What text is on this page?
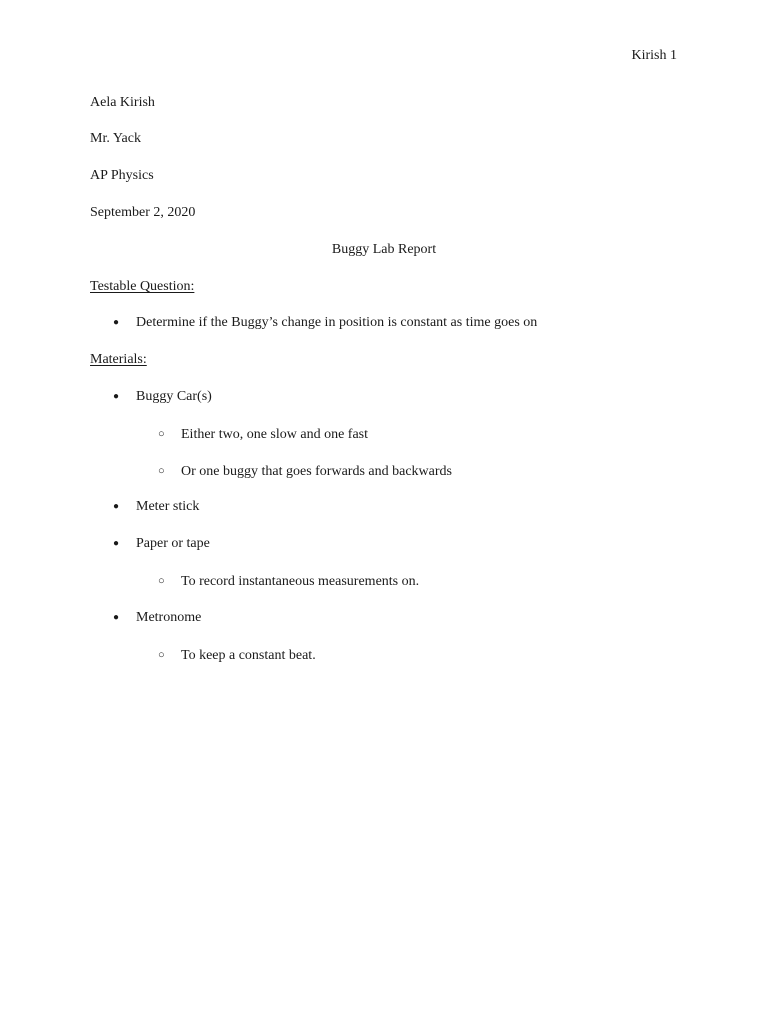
Kirish 1
Aela Kirish
Mr. Yack
AP Physics
September 2, 2020
Buggy Lab Report
Testable Question:
● Determine if the Buggy’s change in position is constant as time goes on
Materials:
● Buggy Car(s)
○ Either two, one slow and one fast
○ Or one buggy that goes forwards and backwards
● Meter stick
● Paper or tape
○ To record instantaneous measurements on.
● Metronome
○ To keep a constant beat.
